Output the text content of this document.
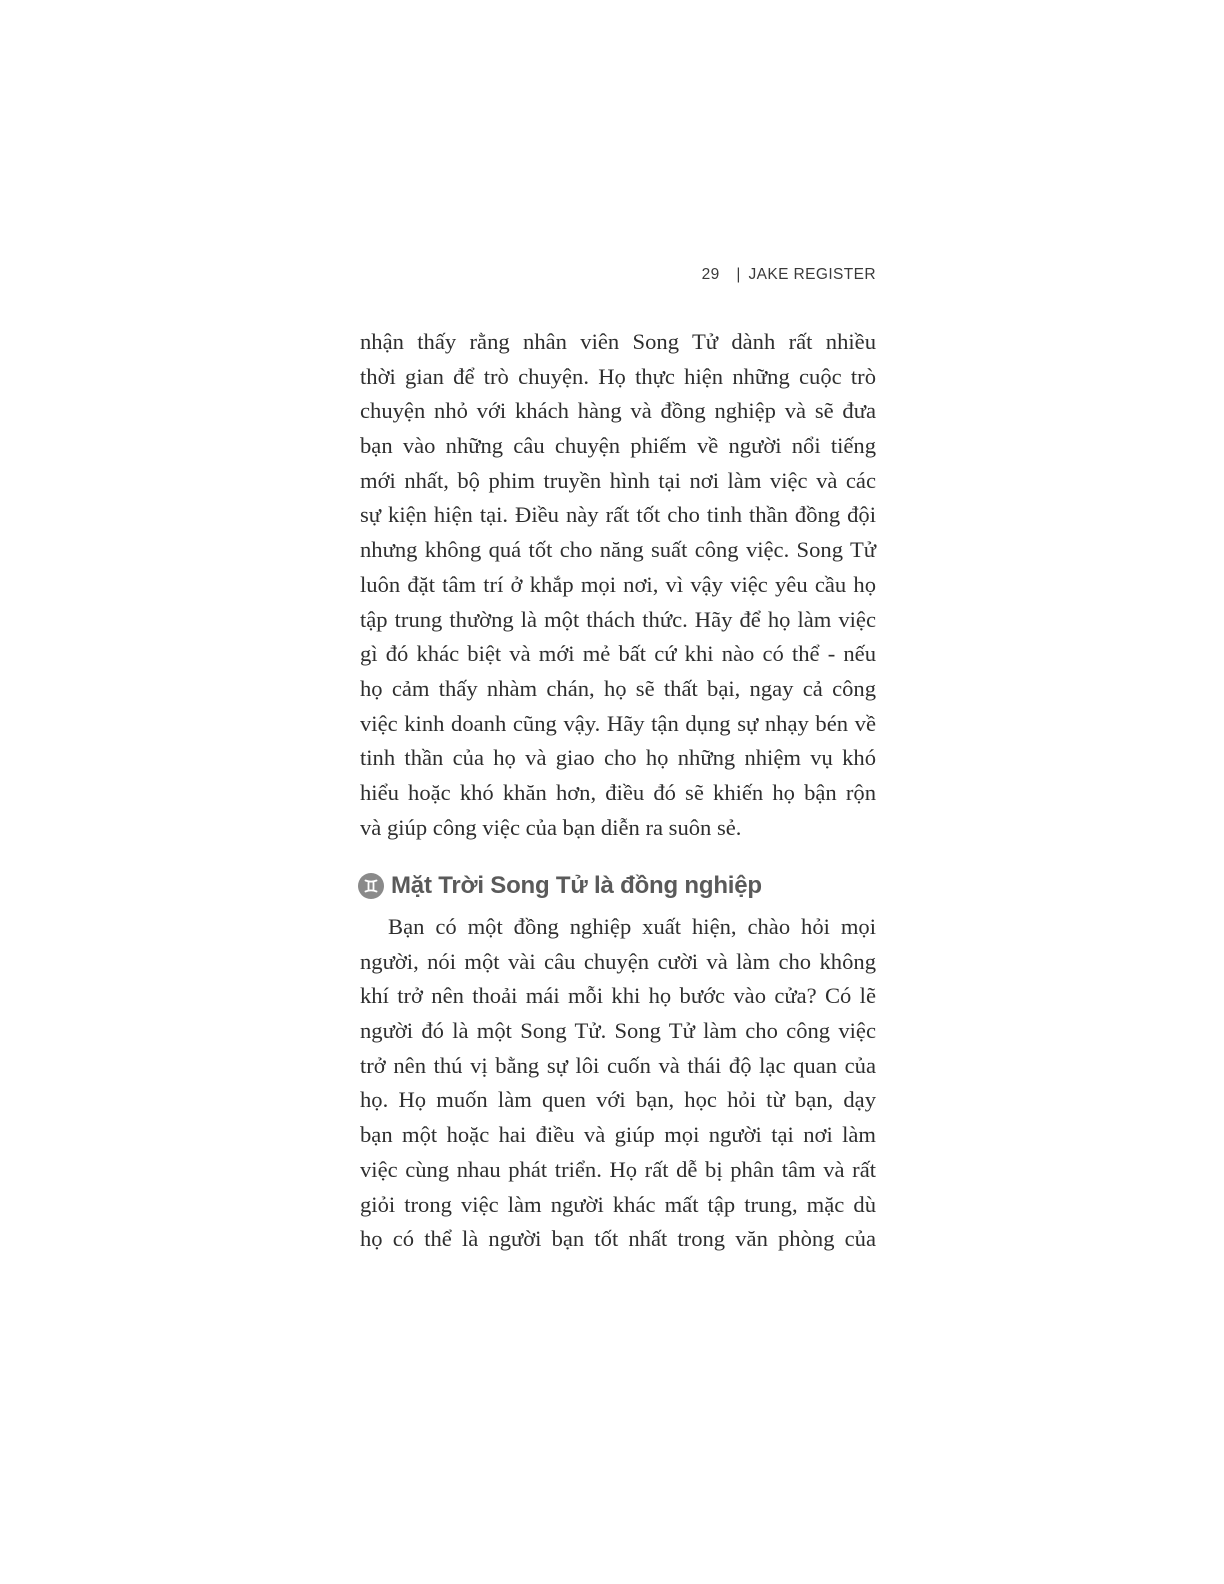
29 | JAKE REGISTER
nhận thấy rằng nhân viên Song Tử dành rất nhiều
thời gian để trò chuyện. Họ thực hiện những cuộc trò
chuyện nhỏ với khách hàng và đồng nghiệp và sẽ đưa
bạn vào những câu chuyện phiếm về người nổi tiếng
mới nhất, bộ phim truyền hình tại nơi làm việc và các
sự kiện hiện tại. Điều này rất tốt cho tinh thần đồng đội
nhưng không quá tốt cho năng suất công việc. Song Tử
luôn đặt tâm trí ở khắp mọi nơi, vì vậy việc yêu cầu họ
tập trung thường là một thách thức. Hãy để họ làm việc
gì đó khác biệt và mới mẻ bất cứ khi nào có thể - nếu
họ cảm thấy nhàm chán, họ sẽ thất bại, ngay cả công
việc kinh doanh cũng vậy. Hãy tận dụng sự nhạy bén về
tinh thần của họ và giao cho họ những nhiệm vụ khó
hiểu hoặc khó khăn hơn, điều đó sẽ khiến họ bận rộn
và giúp công việc của bạn diễn ra suôn sẻ.
Mặt Trời Song Tử là đồng nghiệp
Bạn có một đồng nghiệp xuất hiện, chào hỏi mọi
người, nói một vài câu chuyện cười và làm cho không
khí trở nên thoải mái mỗi khi họ bước vào cửa? Có lẽ
người đó là một Song Tử. Song Tử làm cho công việc
trở nên thú vị bằng sự lôi cuốn và thái độ lạc quan của
họ. Họ muốn làm quen với bạn, học hỏi từ bạn, dạy
bạn một hoặc hai điều và giúp mọi người tại nơi làm
việc cùng nhau phát triển. Họ rất dễ bị phân tâm và rất
giỏi trong việc làm người khác mất tập trung, mặc dù
họ có thể là người bạn tốt nhất trong văn phòng của
